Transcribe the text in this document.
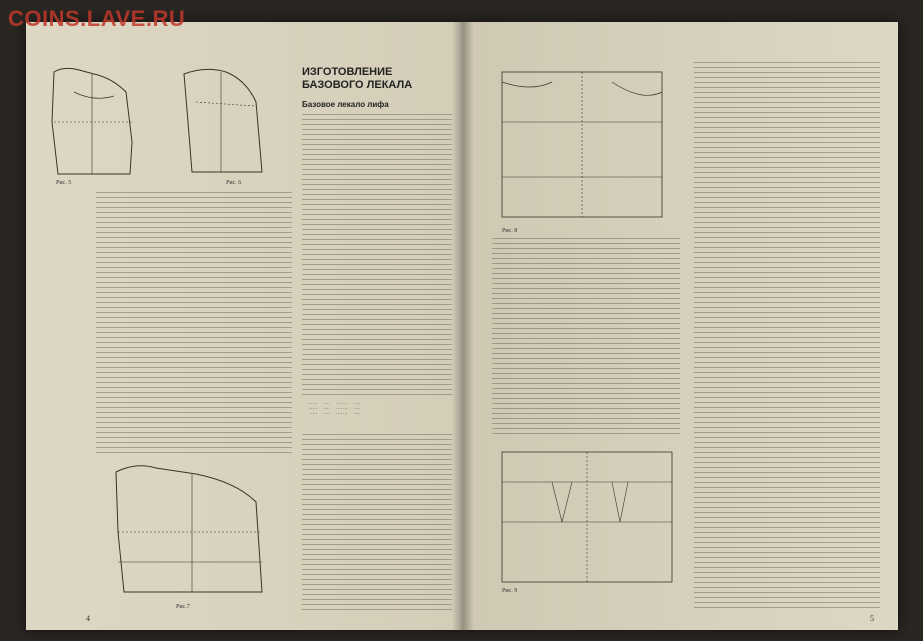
COINS.LAVE.RU
Рис. 5	Рис. 6
ИЗГОТОВЛЕНИЕ БАЗОВОГО ЛЕКАЛА
Базовое лекало лифа
·····	····	·······	····
·····	····	·······	····
·····	····	·······	····
Рис.7
4
Рис. 8
Рис. 9
5
